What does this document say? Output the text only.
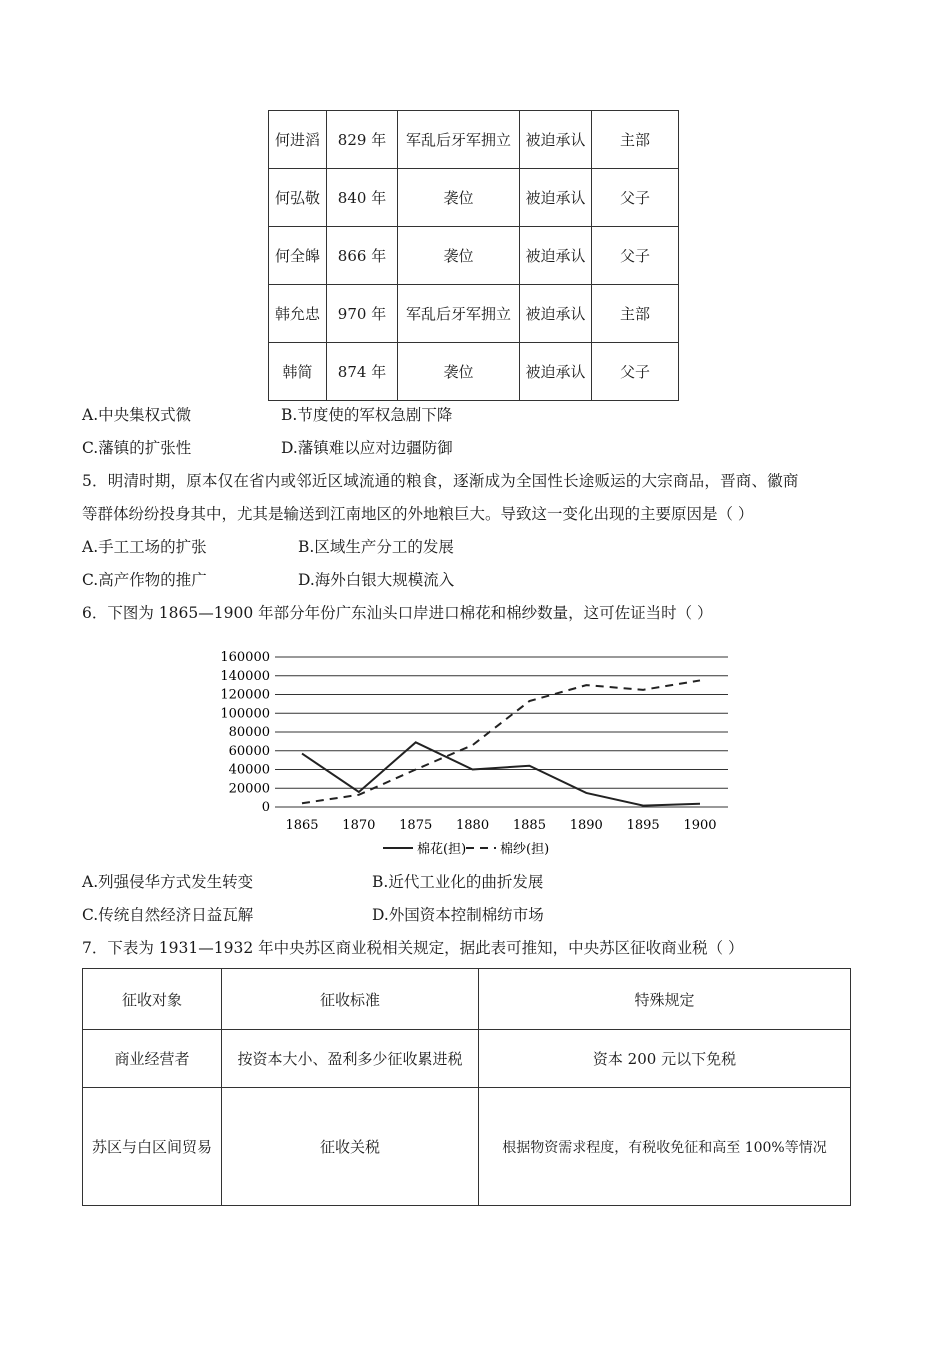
何进滔	829 年	军乱后牙军拥立	被迫承认	主部
何弘敬	840 年	袭位	被迫承认	父子
何全皞	866 年	袭位	被迫承认	父子
韩允忠	970 年	军乱后牙军拥立	被迫承认	主部
韩简	874 年	袭位	被迫承认	父子
A.中央集权式微	B.节度使的军权急剧下降
C.藩镇的扩张性	D.藩镇难以应对边疆防御
5．明清时期，原本仅在省内或邻近区域流通的粮食，逐渐成为全国性长途贩运的大宗商品，晋商、徽商
等群体纷纷投身其中，尤其是输送到江南地区的外地粮巨大。导致这一变化出现的主要原因是（ ）
A.手工工场的扩张	B.区域生产分工的发展
C.高产作物的推广	D.海外白银大规模流入
6．下图为 1865—1900 年部分年份广东汕头口岸进口棉花和棉纱数量，这可佐证当时（ ）
160000
140000
120000
100000
80000
60000
40000
20000
0
1865 1870 1875 1880 1885 1890 1895 1900
棉花(担)	棉纱(担)
A.列强侵华方式发生转变	B.近代工业化的曲折发展
C.传统自然经济日益瓦解	D.外国资本控制棉纺市场
7．下表为 1931—1932 年中央苏区商业税相关规定，据此表可推知，中央苏区征收商业税（ ）
征收对象	征收标准	特殊规定
商业经营者	按资本大小、盈利多少征收累进税	资本 200 元以下免税
苏区与白区间贸易	征收关税	根据物资需求程度，有税收免征和高至 100%等情况
